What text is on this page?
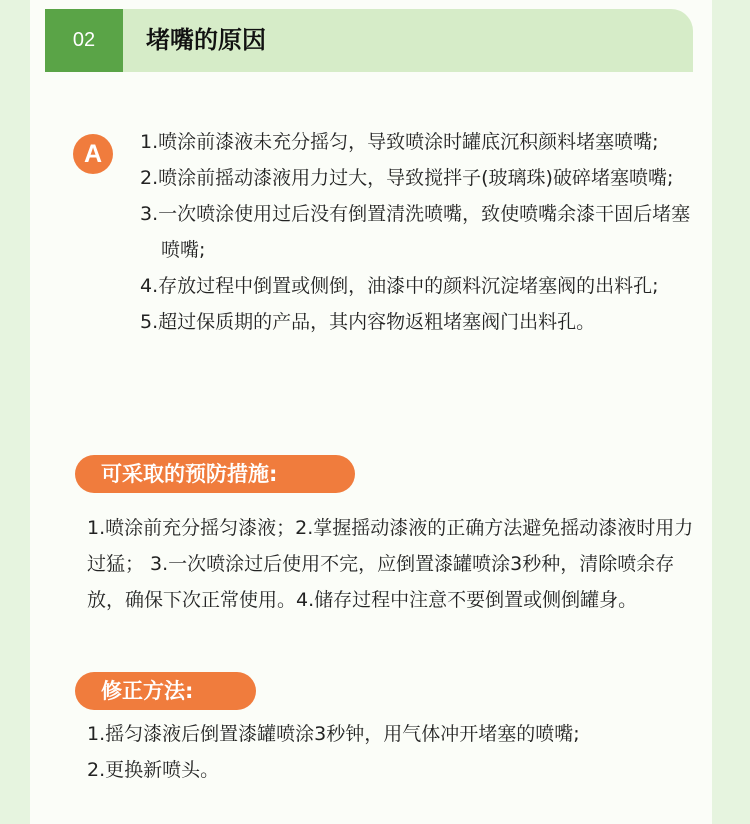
02	堵嘴的原因
A	1.喷涂前漆液未充分摇匀，导致喷涂时罐底沉积颜料堵塞喷嘴;
2.喷涂前摇动漆液用力过大，导致搅拌子(玻璃珠)破碎堵塞喷嘴;
3.一次喷涂使用过后没有倒置清洗喷嘴，致使喷嘴余漆干固后堵塞喷嘴;
4.存放过程中倒置或侧倒，油漆中的颜料沉淀堵塞阀的出料孔;
5.超过保质期的产品，其内容物返粗堵塞阀门出料孔。
可采取的预防措施:

1.喷涂前充分摇匀漆液；2.掌握摇动漆液的正确方法避免摇动漆液时用力过猛； 3.一次喷涂过后使用不完，应倒置漆罐喷涂3秒种，清除喷余存放，确保下次正常使用。4.储存过程中注意不要倒置或侧倒罐身。

修正方法:
1.摇匀漆液后倒置漆罐喷涂3秒钟，用气体冲开堵塞的喷嘴;
2.更换新喷头。
